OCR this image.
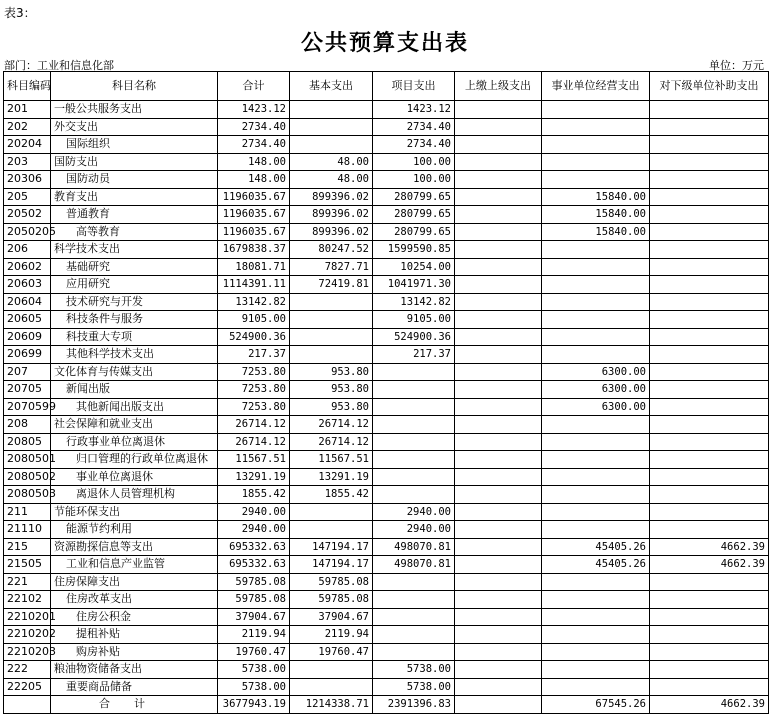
表3：
公共预算支出表
部门：工业和信息化部	单位：万元
科目编码	科目名称	合计	基本支出	项目支出	上缴上级支出	事业单位经营支出	对下级单位补助支出
201	一般公共服务支出	1423.12		1423.12			
202	外交支出	2734.40		2734.40			
20204	国际组织	2734.40		2734.40			
203	国防支出	148.00	48.00	100.00			
20306	国防动员	148.00	48.00	100.00			
205	教育支出	1196035.67	899396.02	280799.65		15840.00	
20502	普通教育	1196035.67	899396.02	280799.65		15840.00	
2050205	高等教育	1196035.67	899396.02	280799.65		15840.00	
206	科学技术支出	1679838.37	80247.52	1599590.85			
20602	基础研究	18081.71	7827.71	10254.00			
20603	应用研究	1114391.11	72419.81	1041971.30			
20604	技术研究与开发	13142.82		13142.82			
20605	科技条件与服务	9105.00		9105.00			
20609	科技重大专项	524900.36		524900.36			
20699	其他科学技术支出	217.37		217.37			
207	文化体育与传媒支出	7253.80	953.80			6300.00	
20705	新闻出版	7253.80	953.80			6300.00	
2070599	其他新闻出版支出	7253.80	953.80			6300.00	
208	社会保障和就业支出	26714.12	26714.12				
20805	行政事业单位离退休	26714.12	26714.12				
2080501	归口管理的行政单位离退休	11567.51	11567.51				
2080502	事业单位离退休	13291.19	13291.19				
2080503	离退休人员管理机构	1855.42	1855.42				
211	节能环保支出	2940.00		2940.00			
21110	能源节约利用	2940.00		2940.00			
215	资源勘探信息等支出	695332.63	147194.17	498070.81		45405.26	4662.39
21505	工业和信息产业监管	695332.63	147194.17	498070.81		45405.26	4662.39
221	住房保障支出	59785.08	59785.08				
22102	住房改革支出	59785.08	59785.08				
2210201	住房公积金	37904.67	37904.67				
2210202	提租补贴	2119.94	2119.94				
2210203	购房补贴	19760.47	19760.47				
222	粮油物资储备支出	5738.00		5738.00			
22205	重要商品储备	5738.00		5738.00			
	合计	3677943.19	1214338.71	2391396.83		67545.26	4662.39
